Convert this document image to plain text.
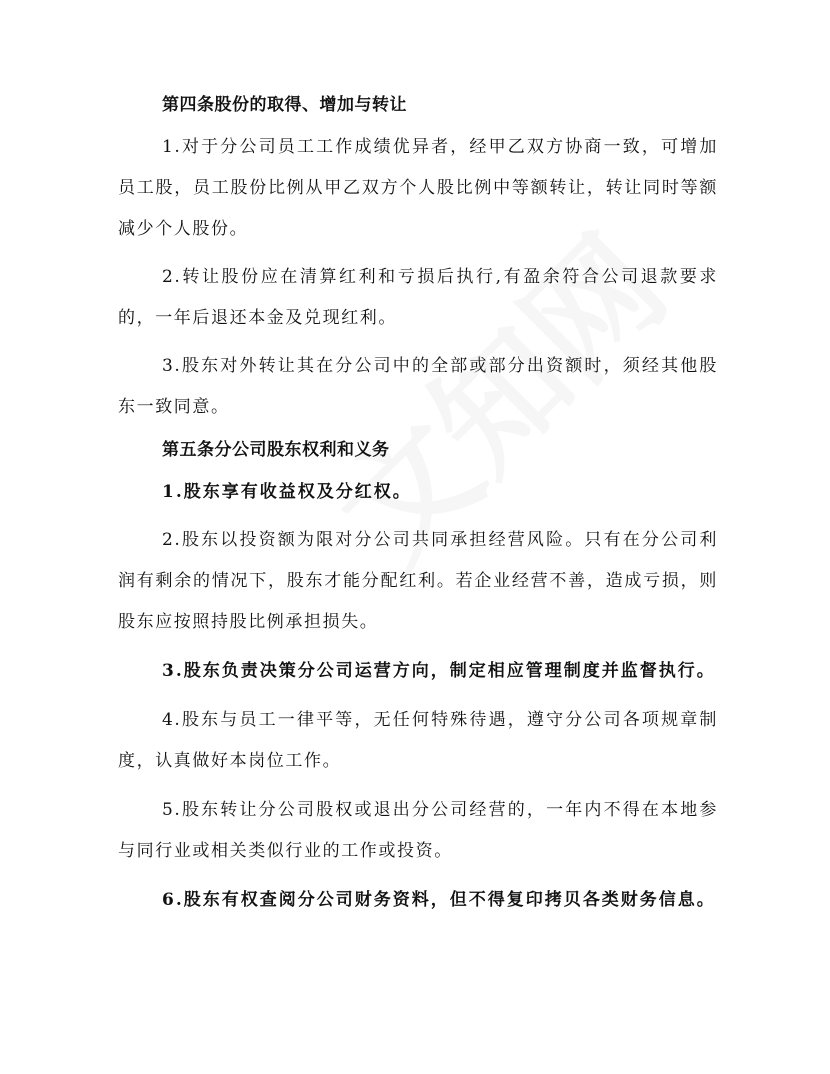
第四条股份的取得、增加与转让

1.对于分公司员工工作成绩优异者，经甲乙双方协商一致，可增加员工股，员工股份比例从甲乙双方个人股比例中等额转让，转让同时等额减少个人股份。

2.转让股份应在清算红利和亏损后执行,有盈余符合公司退款要求的，一年后退还本金及兑现红利。

3.股东对外转让其在分公司中的全部或部分出资额时，须经其他股东一致同意。

第五条分公司股东权利和义务

1.股东享有收益权及分红权。

2.股东以投资额为限对分公司共同承担经营风险。只有在分公司利润有剩余的情况下，股东才能分配红利。若企业经营不善，造成亏损，则股东应按照持股比例承担损失。

3.股东负责决策分公司运营方向，制定相应管理制度并监督执行。

4.股东与员工一律平等，无任何特殊待遇，遵守分公司各项规章制度，认真做好本岗位工作。

5.股东转让分公司股权或退出分公司经营的，一年内不得在本地参与同行业或相关类似行业的工作或投资。

6.股东有权查阅分公司财务资料，但不得复印拷贝各类财务信息。
